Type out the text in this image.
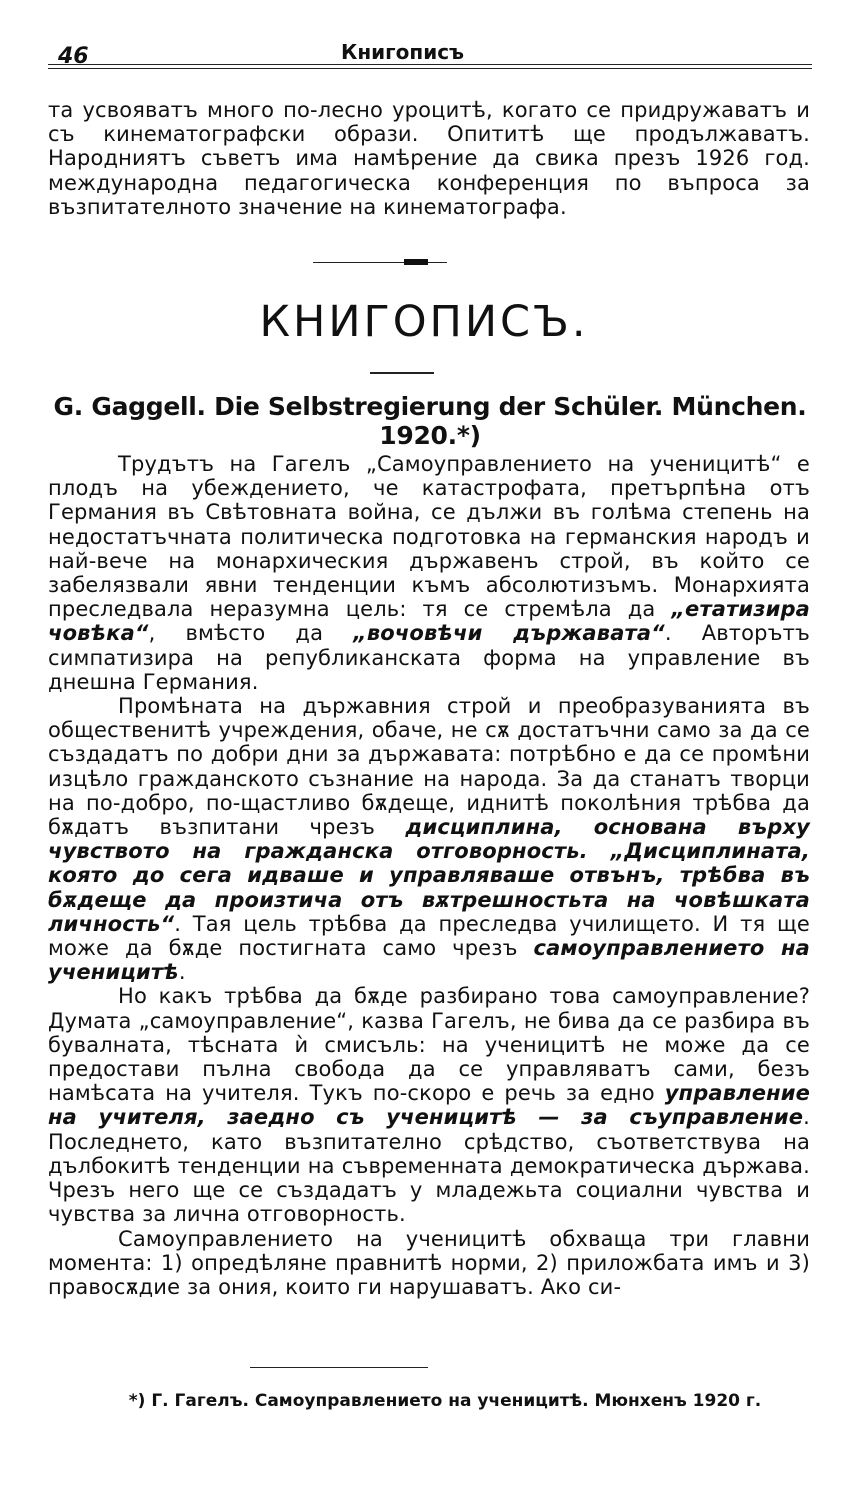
46	Книгописъ

та усвояватъ много по-лесно уроцитѣ, когато се придружаватъ и съ кинематографски образи. Опититѣ ще продължаватъ. Народниятъ съветъ има намѣрение да свика презъ 1926 год. международна педагогическа конференция по въпроса за възпитателното значение на кинематографа.

КНИГОПИСЪ.
G. Gaggell. Die Selbstregierung der Schüler. München. 1920.*)

Трудътъ на Гагелъ „Самоуправлението на ученицитѣ“ е плодъ на убеждението, че катастрофата, претърпѣна отъ Германия въ Свѣтовната война, се дължи въ голѣма степень на недостатъчната политическа подготовка на германския народъ и най-вече на монархическия държавенъ строй, въ който се забелязвали явни тенденции къмъ абсолютизъмъ. Монархията преследвала неразумна цель: тя се стремѣла да „етатизира човѣка“, вмѣсто да „вочовѣчи държавата“. Авторътъ симпатизира на републиканската форма на управление въ днешна Германия.

Промѣната на държавния строй и преобразуванията въ общественитѣ учреждения, обаче, не сѫ достатъчни само за да се създадатъ по добри дни за държавата: потрѣбно е да се промѣни изцѣло гражданското съзнание на народа. За да станатъ творци на по-добро, по-щастливо бѫдеще, иднитѣ поколѣния трѣбва да бѫдатъ възпитани чрезъ дисциплина, основана върху чувството на гражданска отговорность. „Дисциплината, която до сега идваше и управляваше отвънъ, трѣбва въ бѫдеще да произтича отъ вѫтрешностьта на човѣшката личность“. Тая цель трѣбва да преследва училището. И тя ще може да бѫде постигната само чрезъ самоуправлението на ученицитѣ.

Но какъ трѣбва да бѫде разбирано това самоуправление? Думата „самоуправление“, казва Гагелъ, не бива да се разбира въ бувалната, тѣсната ѝ смисъль: на ученицитѣ не може да се предостави пълна свобода да се управляватъ сами, безъ намѣсата на учителя. Тукъ по-скоро е речь за едно управление на учителя, заедно съ ученицитѣ — за съуправление. Последнето, като възпитателно срѣдство, съответствува на дълбокитѣ тенденции на съвременната демократическа държава. Чрезъ него ще се създадатъ у младежьта социални чувства и чувства за лична отговорность.

Самоуправлението на ученицитѣ обхваща три главни момента: 1) опредѣляне правнитѣ норми, 2) приложбата имъ и 3) правосѫдие за ония, които ги нарушаватъ. Ако си-

*) Г. Гагелъ. Самоуправлението на ученицитѣ. Мюнхенъ 1920 г.
